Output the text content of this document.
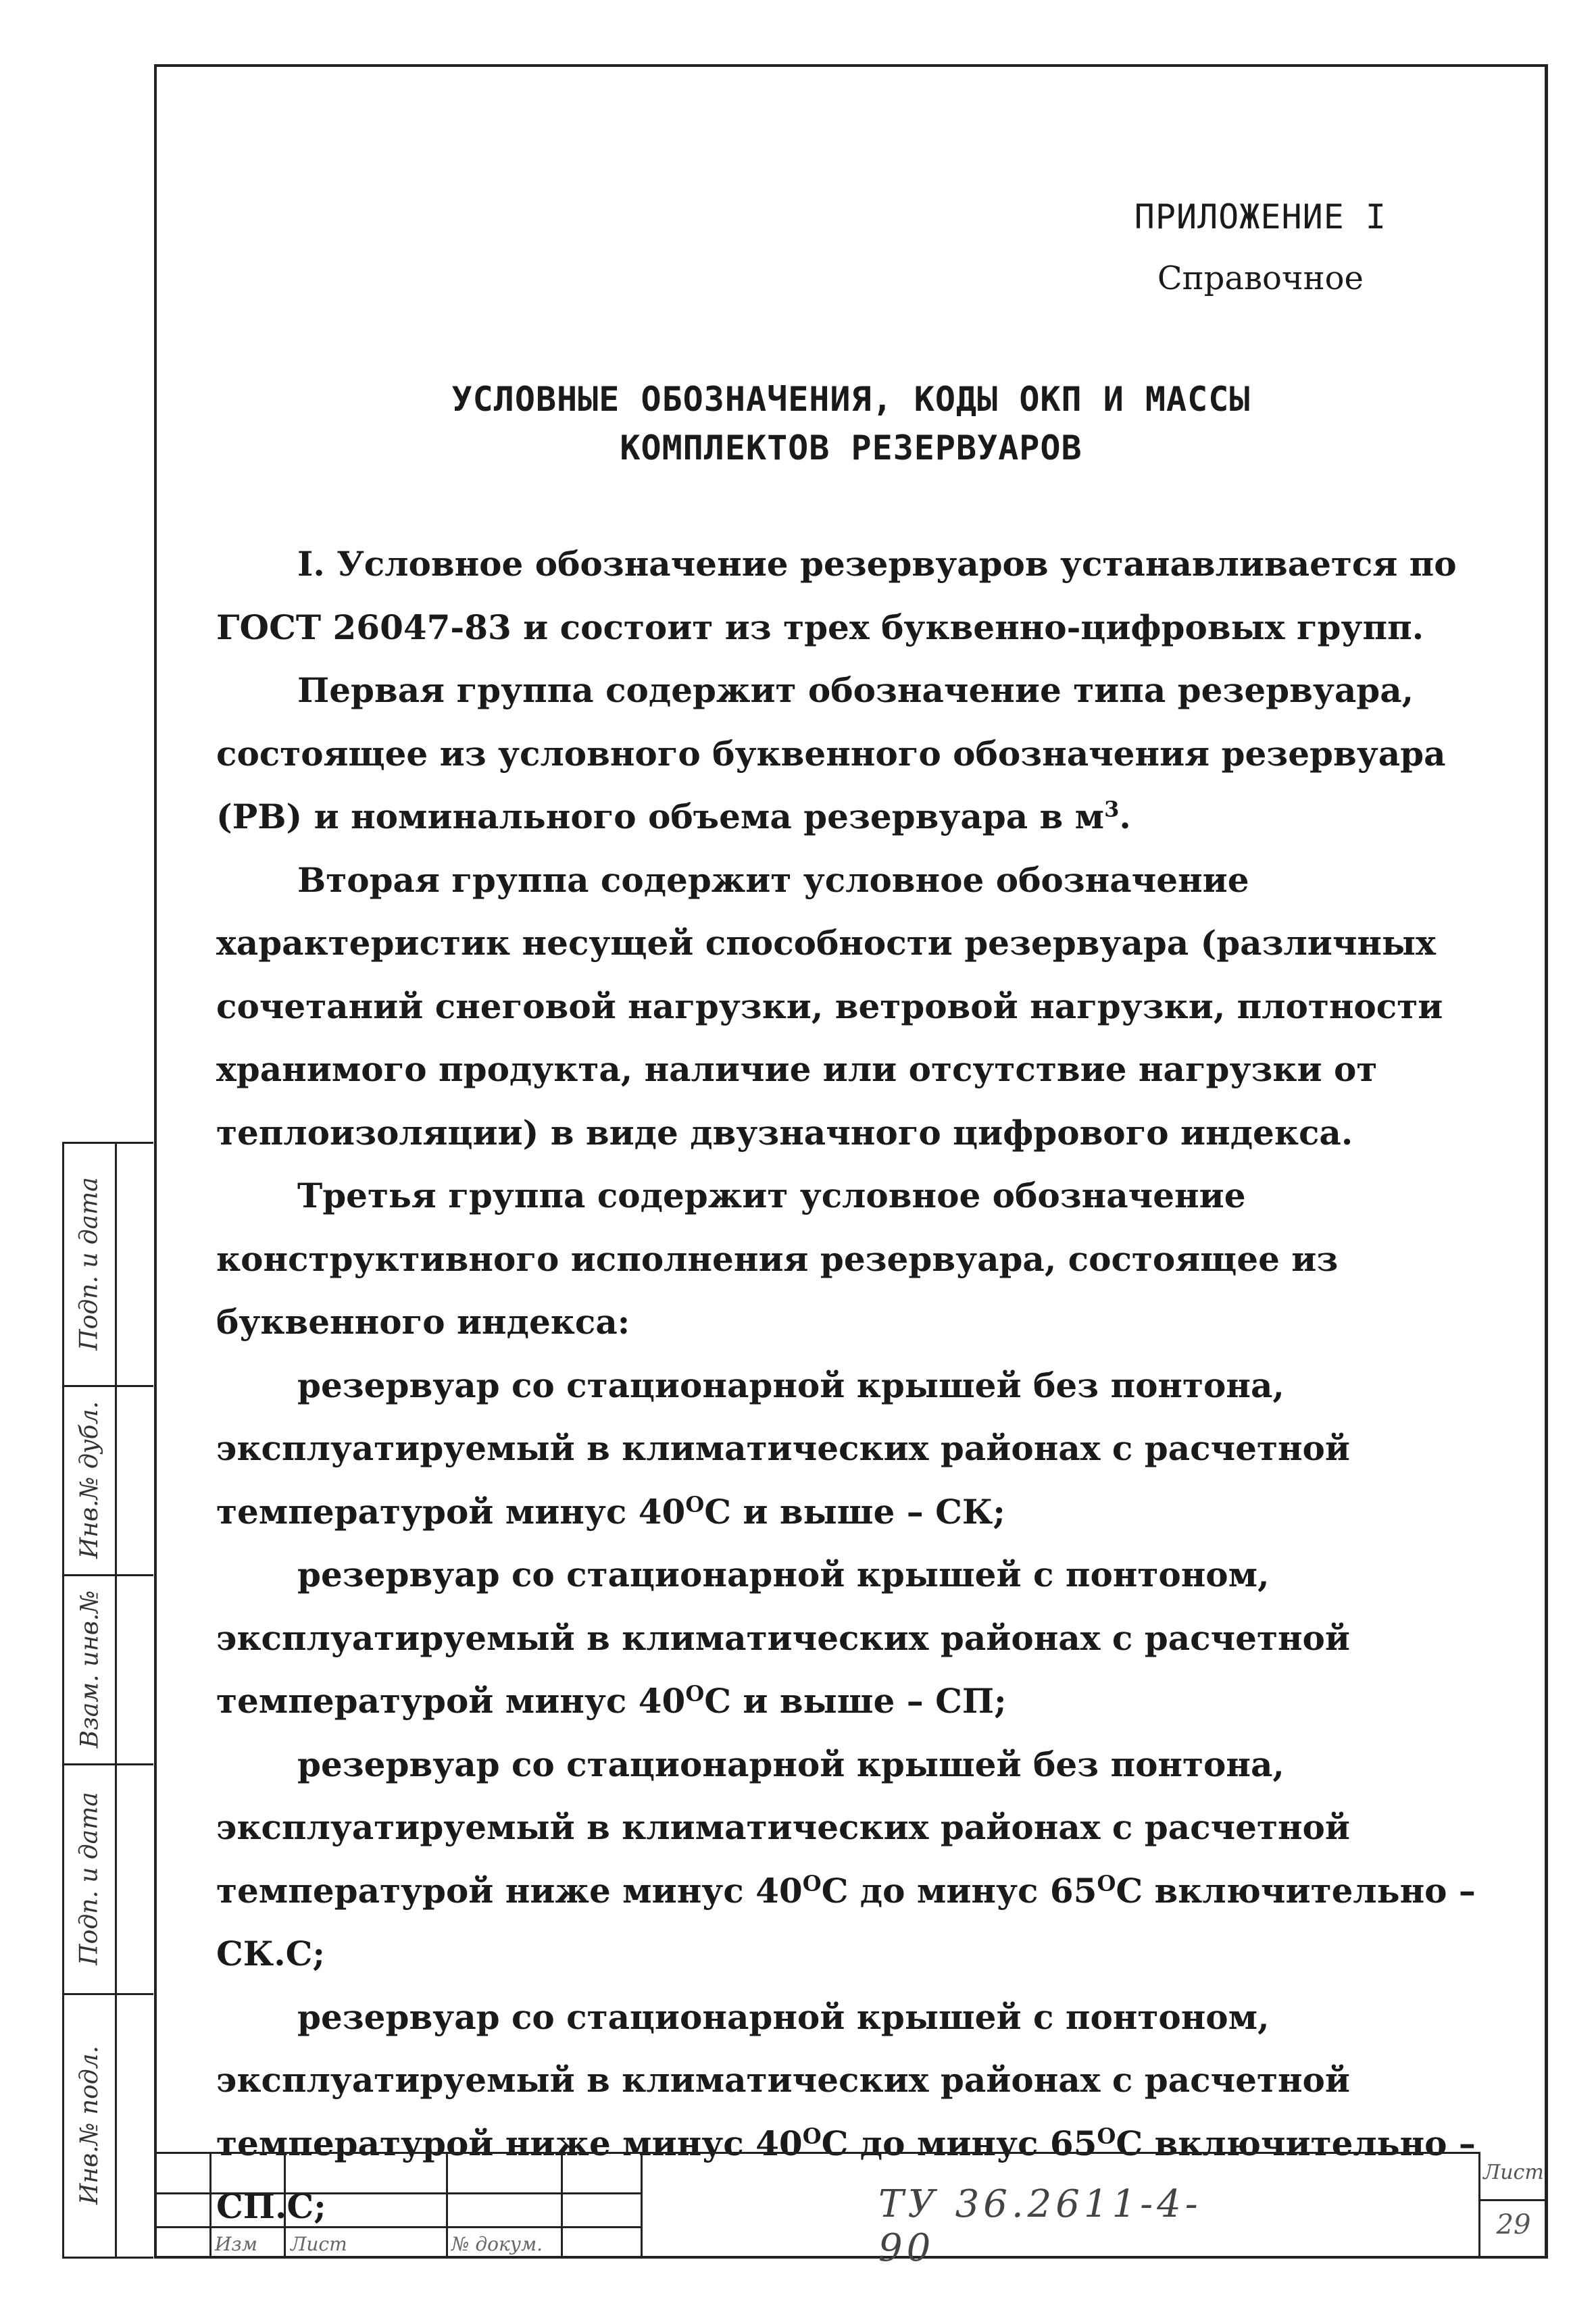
ПРИЛОЖЕНИЕ I
Справочное
УСЛОВНЫЕ ОБОЗНАЧЕНИЯ, КОДЫ ОКП И МАССЫ
КОМПЛЕКТОВ РЕЗЕРВУАРОВ

I. Условное обозначение резервуаров устанавливается по ГОСТ 26047-83 и состоит из трех буквенно-цифровых групп.

Первая группа содержит обозначение типа резервуара, состоящее из условного буквенного обозначения резервуара (РВ) и номинального объема резервуара в $м^3$.

Вторая группа содержит условное обозначение характеристик несущей способности резервуара (различных сочетаний снеговой нагрузки, ветровой нагрузки, плотности хранимого продукта, наличие или отсутствие нагрузки от теплоизоляции) в виде двузначного цифрового индекса.

Третья группа содержит условное обозначение конструктивного исполнения резервуара, состоящее из буквенного индекса:

резервуар со стационарной крышей без понтона, эксплуатируемый в климатических районах с расчетной температурой минус $40^OС$ и выше – СК;

резервуар со стационарной крышей с понтоном, эксплуатируемый в климатических районах с расчетной температурой минус $40^OС$ и выше – СП;

резервуар со стационарной крышей без понтона, эксплуатируемый в климатических районах с расчетной температурой ниже минус $40^OС$ до минус $65^OС$ включительно – СК.С;

резервуар со стационарной крышей с понтоном, эксплуатируемый в климатических районах с расчетной температурой ниже минус $40^OС$ до минус $65^OС$ включительно – СП.С;

Подп. и дата
Инв.№ дубл.
Взам. инв.№
Подп. и дата
Инв.№ подл.
Изм Лист	№ докум.
ТУ 36.2611-4-90
Лист
29
